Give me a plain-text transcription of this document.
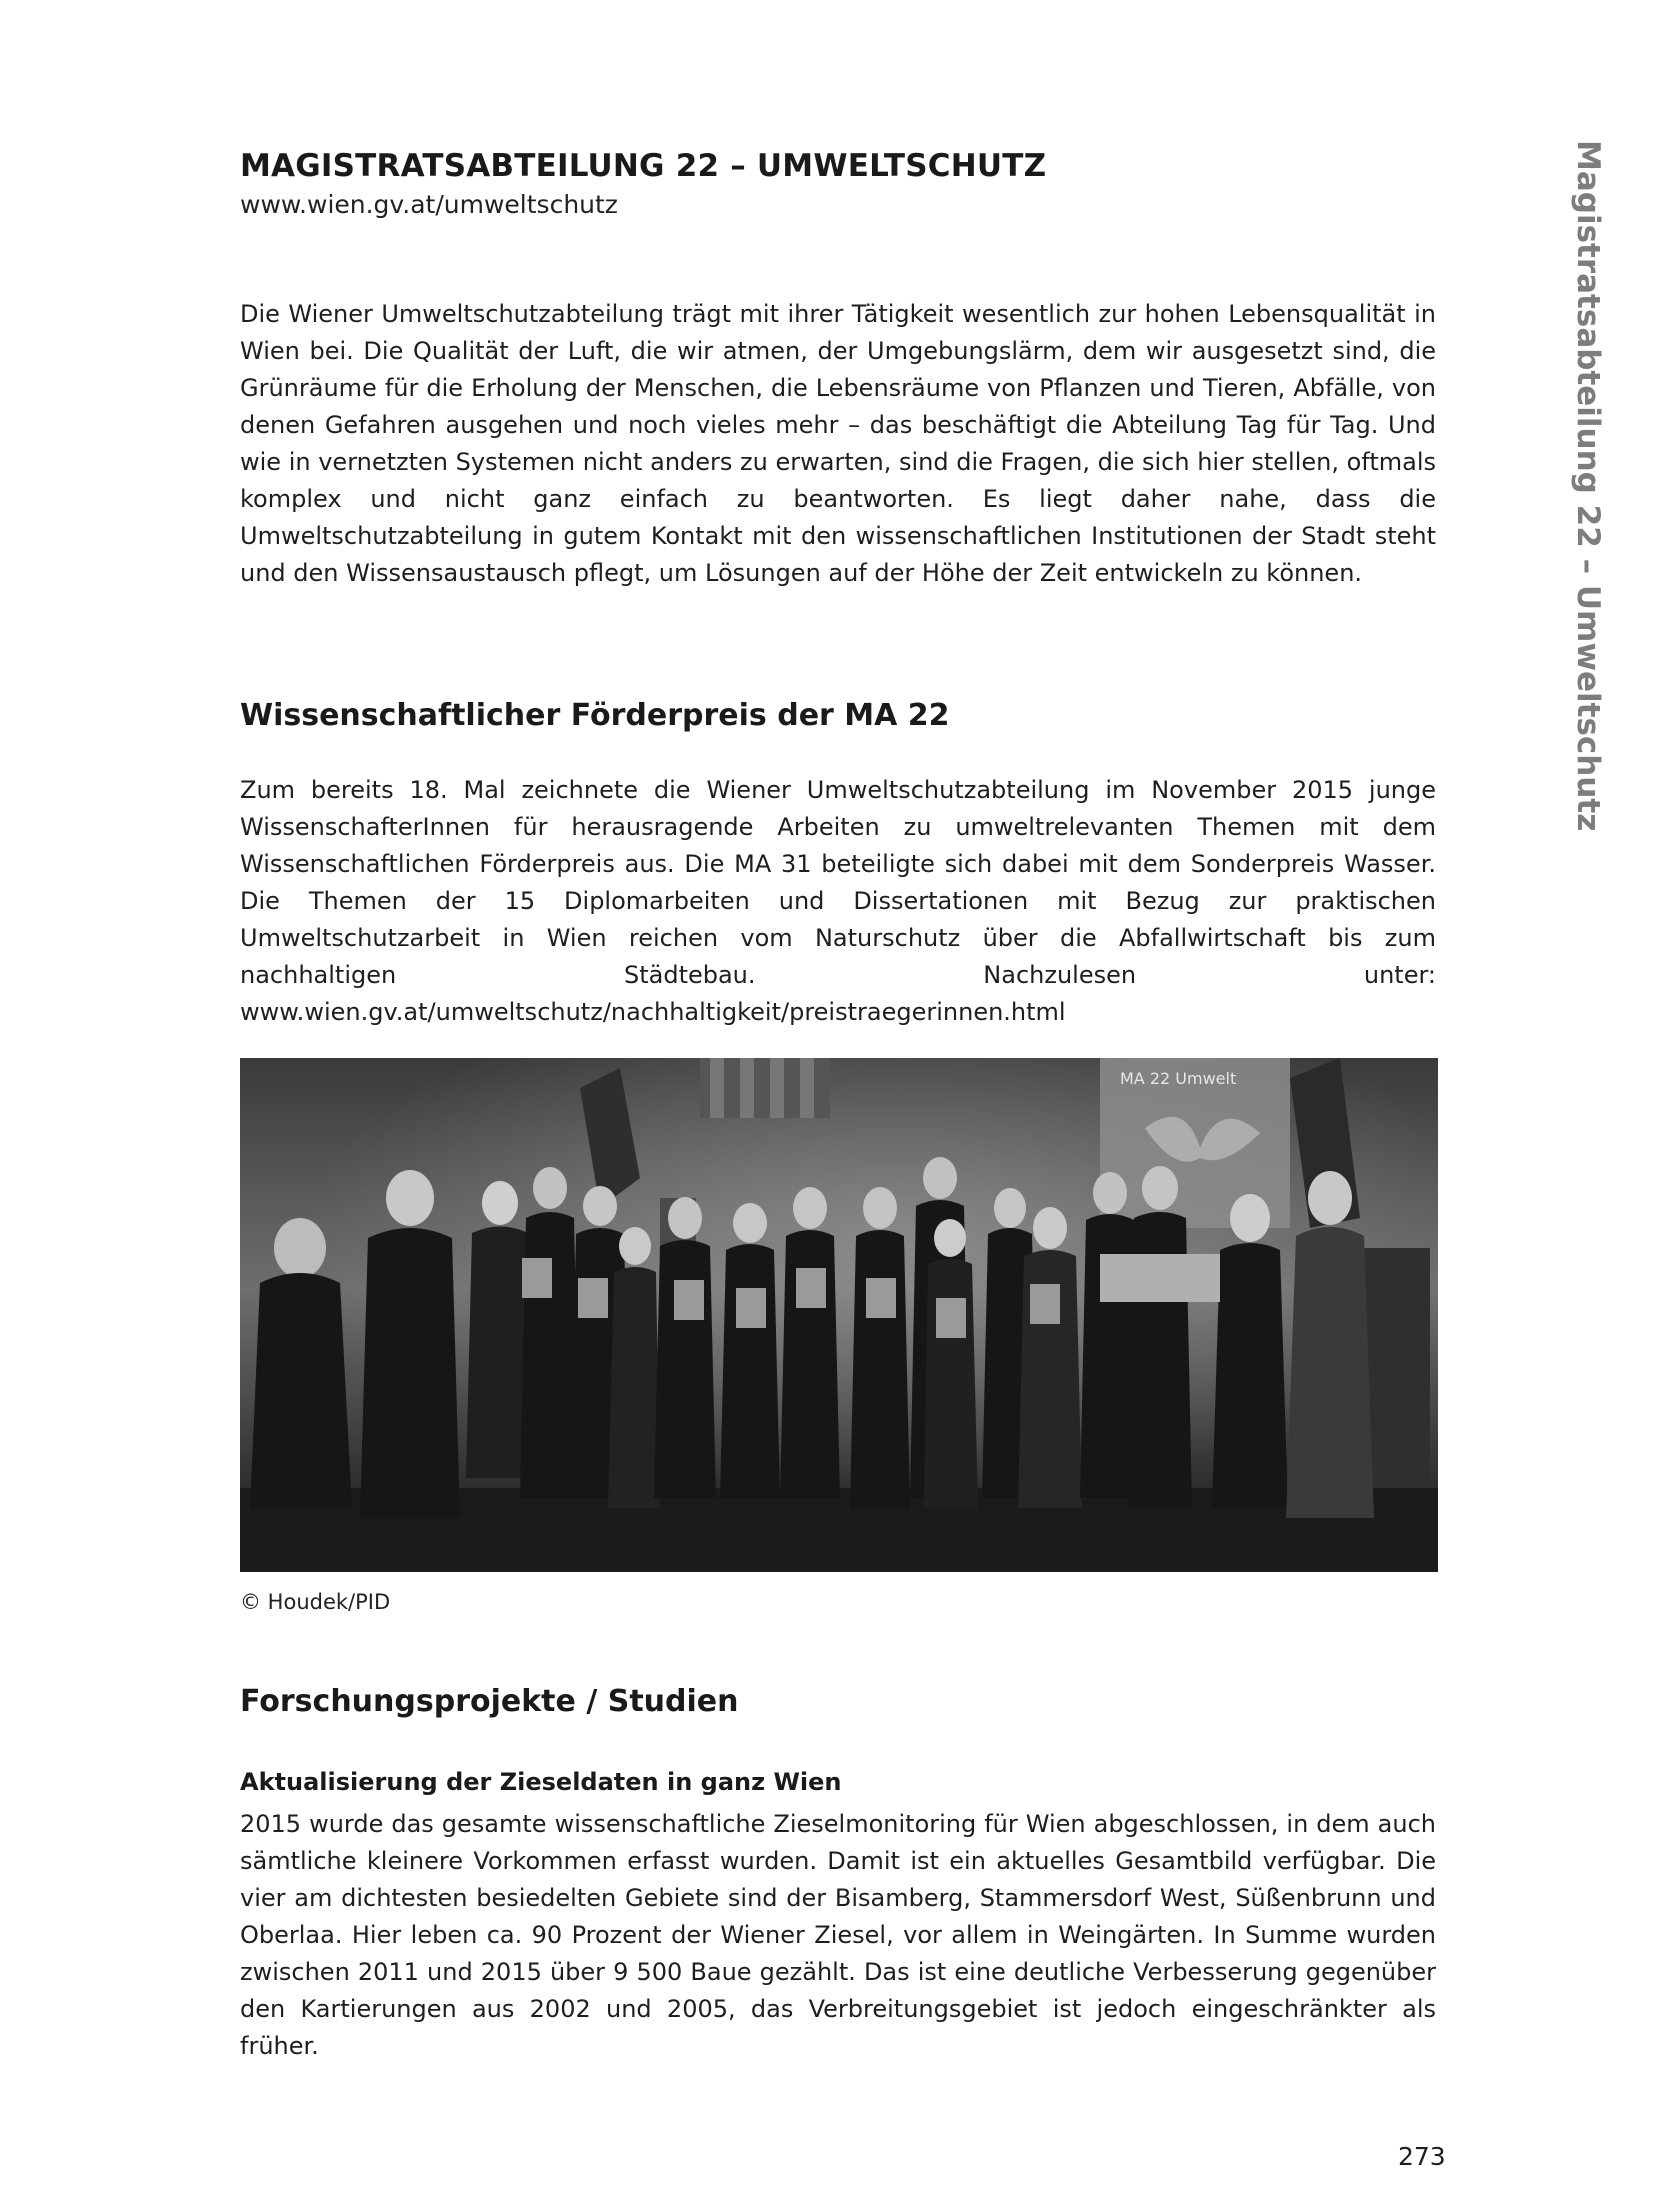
MAGISTRATSABTEILUNG 22 – UMWELTSCHUTZ
www.wien.gv.at/umweltschutz

Die Wiener Umweltschutzabteilung trägt mit ihrer Tätigkeit wesentlich zur hohen Lebensqualität in Wien bei. Die Qualität der Luft, die wir atmen, der Umgebungslärm, dem wir ausgesetzt sind, die Grünräume für die Erholung der Menschen, die Lebensräume von Pflanzen und Tieren, Abfälle, von denen Gefahren ausgehen und noch vieles mehr – das beschäftigt die Abteilung Tag für Tag. Und wie in vernetzten Systemen nicht anders zu erwarten, sind die Fragen, die sich hier stellen, oftmals komplex und nicht ganz einfach zu beantworten. Es liegt daher nahe, dass die Umweltschutzabteilung in gutem Kontakt mit den wissenschaftlichen Institutionen der Stadt steht und den Wissensaustausch pflegt, um Lösungen auf der Höhe der Zeit entwickeln zu können.

Wissenschaftlicher Förderpreis der MA 22

Zum bereits 18. Mal zeichnete die Wiener Umweltschutzabteilung im November 2015 junge WissenschafterInnen für herausragende Arbeiten zu umweltrelevanten Themen mit dem Wissenschaftlichen Förderpreis aus. Die MA 31 beteiligte sich dabei mit dem Sonderpreis Wasser. Die Themen der 15 Diplomarbeiten und Dissertationen mit Bezug zur praktischen Umweltschutzarbeit in Wien reichen vom Naturschutz über die Abfallwirtschaft bis zum nachhaltigen Städtebau. Nachzulesen unter: www.wien.gv.at/umweltschutz/nachhaltigkeit/preistraegerinnen.html

MA 22 Umwelt
© Houdek/PID
Forschungsprojekte / Studien
Aktualisierung der Zieseldaten in ganz Wien

2015 wurde das gesamte wissenschaftliche Zieselmonitoring für Wien abgeschlossen, in dem auch sämtliche kleinere Vorkommen erfasst wurden. Damit ist ein aktuelles Gesamtbild verfügbar. Die vier am dichtesten besiedelten Gebiete sind der Bisamberg, Stammersdorf West, Süßenbrunn und Oberlaa. Hier leben ca. 90 Prozent der Wiener Ziesel, vor allem in Weingärten. In Summe wurden zwischen 2011 und 2015 über 9 500 Baue gezählt. Das ist eine deutliche Verbesserung gegenüber den Kartierungen aus 2002 und 2005, das Verbreitungsgebiet ist jedoch eingeschränkter als früher.

Magistratsabteilung 22 – Umweltschutz
273
